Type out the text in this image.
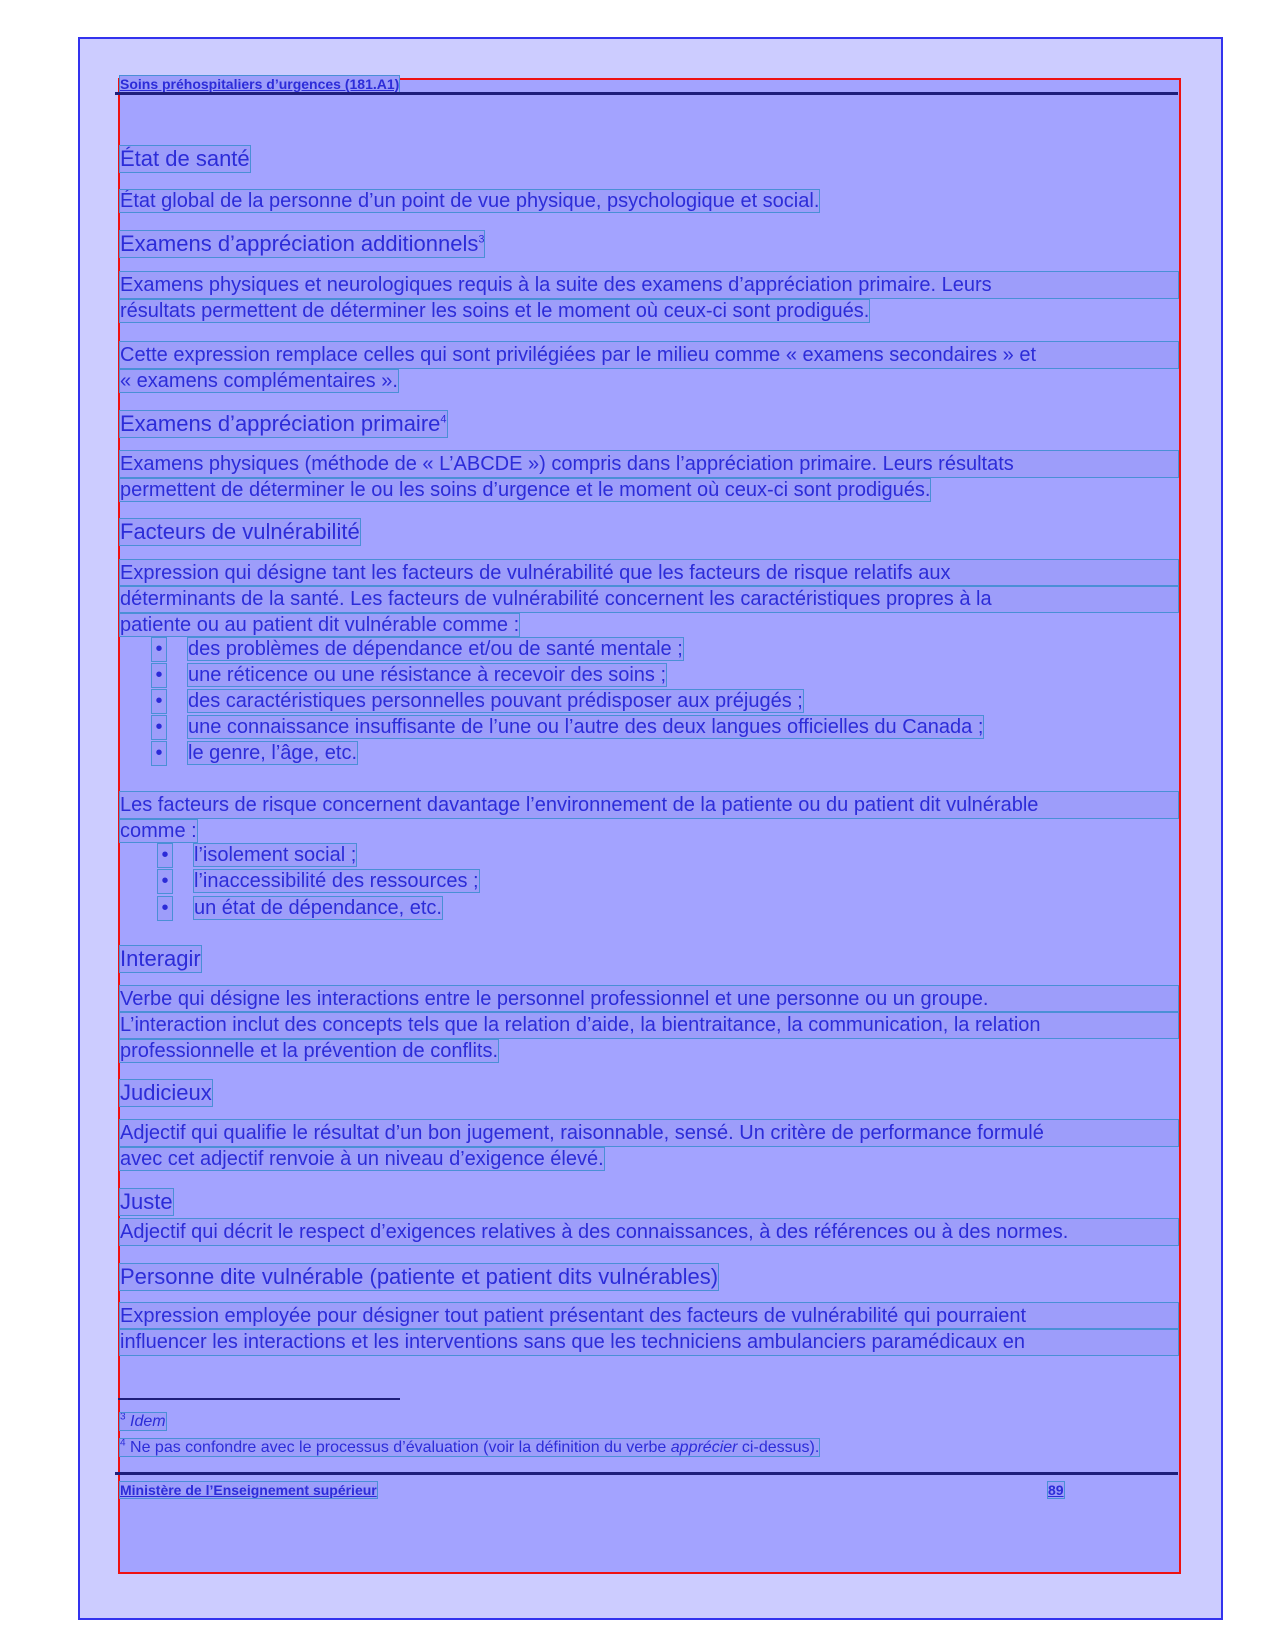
Soins préhospitaliers d’urgences (181.A1)

État de santé

État global de la personne d’un point de vue physique, psychologique et social.

Examens d’appréciation additionnels$^3$

Examens physiques et neurologiques requis à la suite des examens d’appréciation primaire. Leurs
résultats permettent de déterminer les soins et le moment où ceux-ci sont prodigués.

Cette expression remplace celles qui sont privilégiées par le milieu comme « examens secondaires » et
« examens complémentaires ».

Examens d’appréciation primaire$^4$

Examens physiques (méthode de « L’ABCDE ») compris dans l’appréciation primaire. Leurs résultats
permettent de déterminer le ou les soins d’urgence et le moment où ceux-ci sont prodigués.

Facteurs de vulnérabilité

Expression qui désigne tant les facteurs de vulnérabilité que les facteurs de risque relatifs aux
déterminants de la santé. Les facteurs de vulnérabilité concernent les caractéristiques propres à la
patiente ou au patient dit vulnérable comme :

• des problèmes de dépendance et/ou de santé mentale ;
• une réticence ou une résistance à recevoir des soins ;
• des caractéristiques personnelles pouvant prédisposer aux préjugés ;
• une connaissance insuffisante de l’une ou l’autre des deux langues officielles du Canada ;
• le genre, l’âge, etc.

Les facteurs de risque concernent davantage l’environnement de la patiente ou du patient dit vulnérable
comme :

• l’isolement social ;
• l’inaccessibilité des ressources ;
• un état de dépendance, etc.
Interagir

Verbe qui désigne les interactions entre le personnel professionnel et une personne ou un groupe.
L’interaction inclut des concepts tels que la relation d’aide, la bientraitance, la communication, la relation
professionnelle et la prévention de conflits.

Judicieux

Adjectif qui qualifie le résultat d’un bon jugement, raisonnable, sensé. Un critère de performance formulé
avec cet adjectif renvoie à un niveau d’exigence élevé.

Juste

Adjectif qui décrit le respect d’exigences relatives à des connaissances, à des références ou à des normes.

Personne dite vulnérable (patiente et patient dits vulnérables)

Expression employée pour désigner tout patient présentant des facteurs de vulnérabilité qui pourraient
influencer les interactions et les interventions sans que les techniciens ambulanciers paramédicaux en

$^3$ Idem

$^4$ Ne pas confondre avec le processus d’évaluation (voir la définition du verbe apprécier ci-dessus).

Ministère de l’Enseignement supérieur	89
